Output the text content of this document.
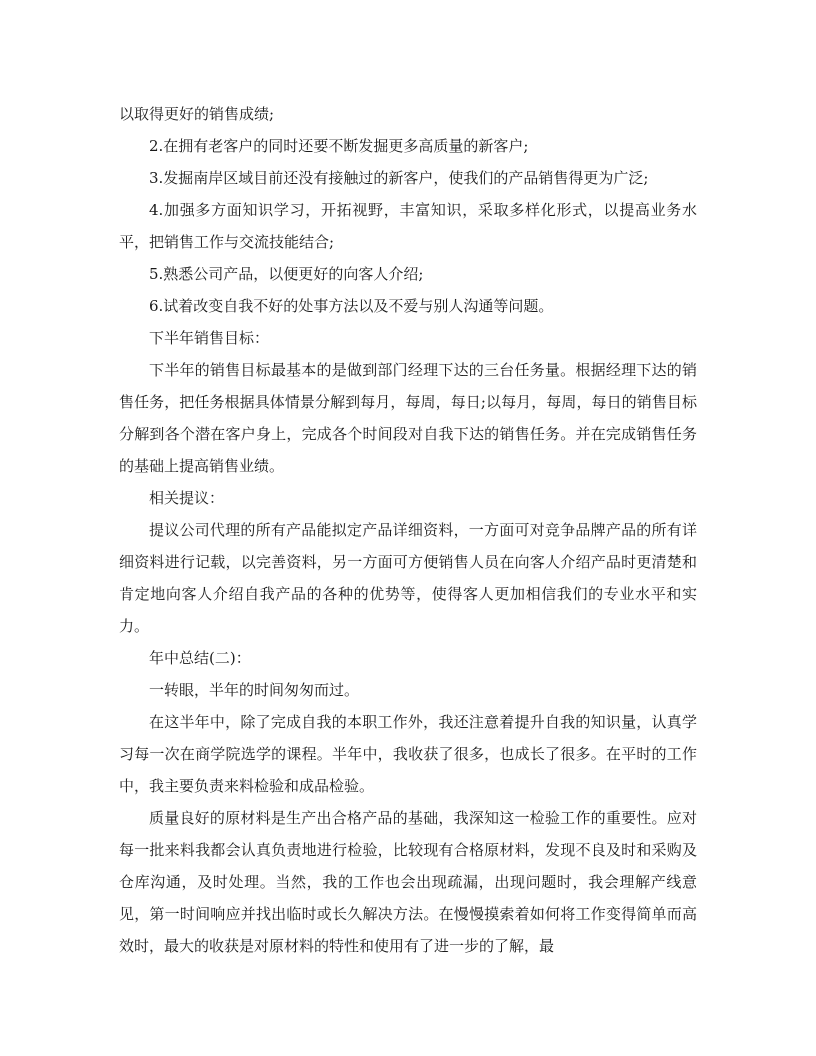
以取得更好的销售成绩;

2.在拥有老客户的同时还要不断发掘更多高质量的新客户;

3.发掘南岸区域目前还没有接触过的新客户，使我们的产品销售得更为广泛;

4.加强多方面知识学习，开拓视野，丰富知识，采取多样化形式，以提高业务水平，把销售工作与交流技能结合;

5.熟悉公司产品，以便更好的向客人介绍;

6.试着改变自我不好的处事方法以及不爱与别人沟通等问题。

下半年销售目标：

下半年的销售目标最基本的是做到部门经理下达的三台任务量。根据经理下达的销售任务，把任务根据具体情景分解到每月，每周，每日;以每月，每周，每日的销售目标分解到各个潜在客户身上，完成各个时间段对自我下达的销售任务。并在完成销售任务的基础上提高销售业绩。

相关提议：

提议公司代理的所有产品能拟定产品详细资料，一方面可对竞争品牌产品的所有详细资料进行记载，以完善资料，另一方面可方便销售人员在向客人介绍产品时更清楚和肯定地向客人介绍自我产品的各种的优势等，使得客人更加相信我们的专业水平和实力。

年中总结(二)：

一转眼，半年的时间匆匆而过。

在这半年中，除了完成自我的本职工作外，我还注意着提升自我的知识量，认真学习每一次在商学院选学的课程。半年中，我收获了很多，也成长了很多。在平时的工作中，我主要负责来料检验和成品检验。

质量良好的原材料是生产出合格产品的基础，我深知这一检验工作的重要性。应对每一批来料我都会认真负责地进行检验，比较现有合格原材料，发现不良及时和采购及仓库沟通，及时处理。当然，我的工作也会出现疏漏，出现问题时，我会理解产线意见，第一时间响应并找出临时或长久解决方法。在慢慢摸索着如何将工作变得简单而高效时，最大的收获是对原材料的特性和使用有了进一步的了解，最
